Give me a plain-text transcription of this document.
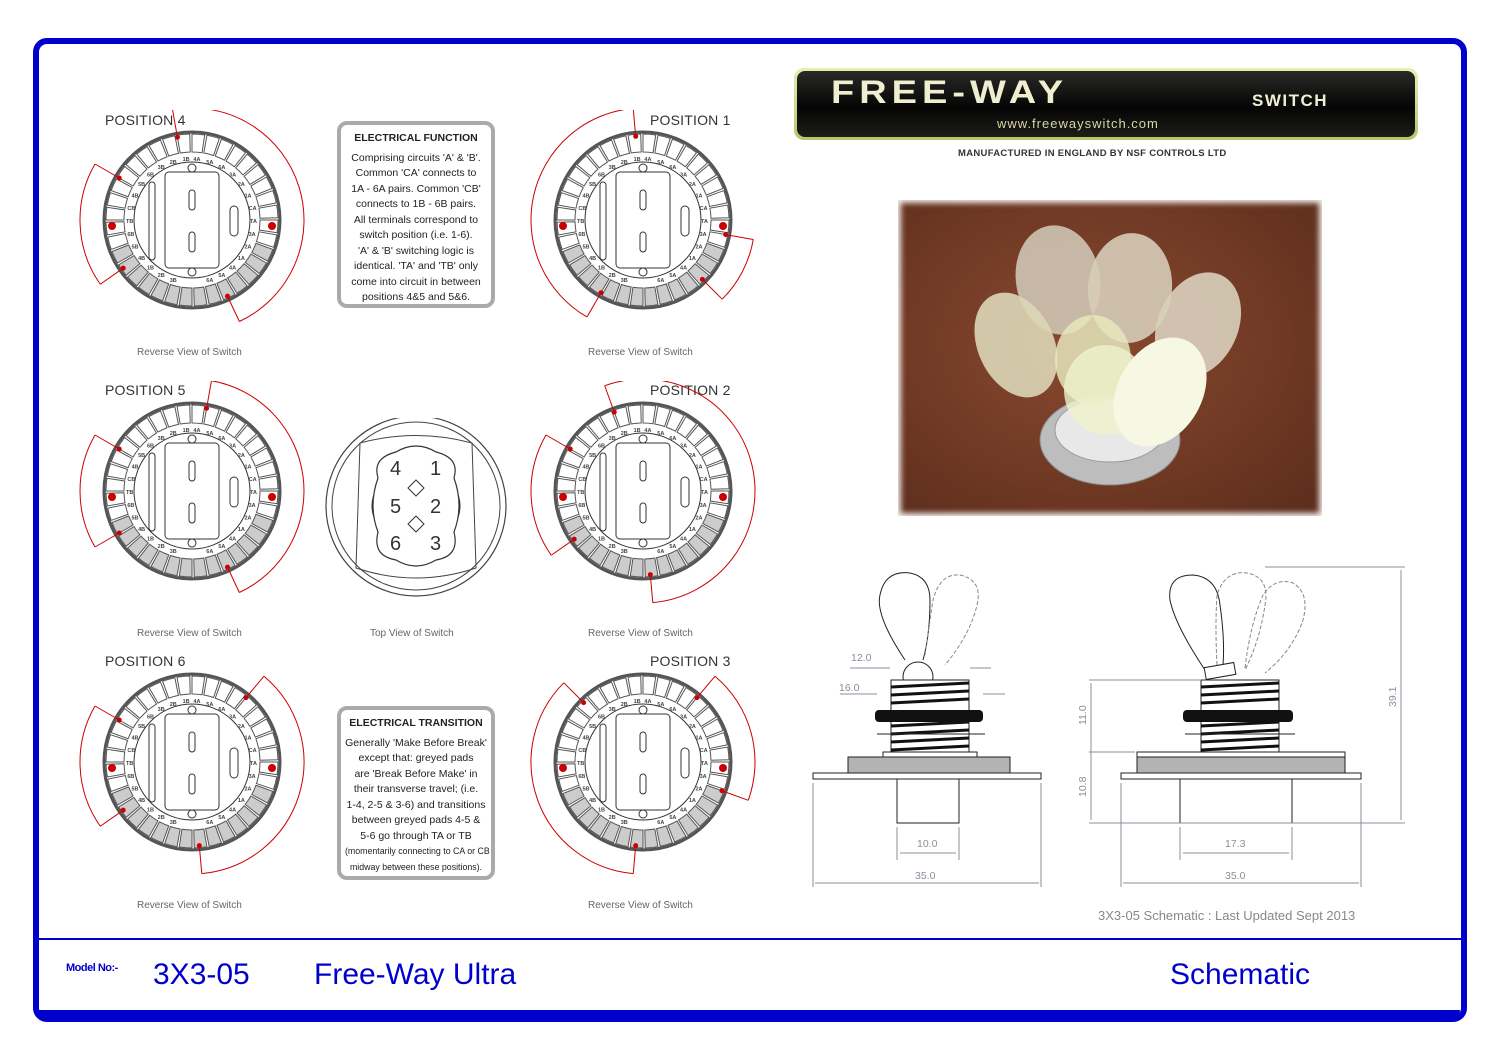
POSITION 4	POSITION 1
POSITION 5	POSITION 2
POSITION 6	POSITION 3
4A
1B	5A
2B
6A
3B
3A
6B
2A
5B
1A
4B
CA
CB
TA
TB
3A
6B
2A
5B
1A
4B
4A
1B
5A
2B
6A
3B
4A
1B	5A
2B
6A
3B
3A
6B
2A
5B
1A
4B
CA
CB
TA
TB
3A
6B
2A
5B
1A
4B
4A
1B
5A
2B
6A
3B
4A
1B	5A
2B
6A
3B
3A
6B
2A
5B
1A
4B
CA
CB
TA
TB
3A
6B
2A
5B
1A
4B
4A
1B
5A
2B
6A
3B
4A
1B	5A
2B
6A
3B
3A
6B
2A
5B
1A
4B
CA
CB
TA
TB
3A
6B
2A
5B
1A
4B
4A
1B
5A
2B
6A
3B
4A
1B	5A
2B
6A
3B
3A
6B
2A
5B
1A
4B
CA
CB
TA
TB
3A
6B
2A
5B
1A
4B
4A
1B
5A
2B
6A
3B
4A
1B	5A
2B
6A
3B
3A
6B
2A
5B
1A
4B
CA
CB
TA
TB
3A
6B
2A
5B
1A
4B
4A
1B
5A
2B
6A
3B
Reverse View of Switch	Reverse View of Switch
Reverse View of Switch	Reverse View of Switch
Reverse View of Switch	Reverse View of Switch
Top View of Switch
ELECTRICAL FUNCTION
Comprising circuits 'A' & 'B'.
Common 'CA' connects to
1A - 6A pairs. Common 'CB'
connects to 1B - 6B pairs.
All terminals correspond to
switch position (i.e. 1-6).
'A' & 'B' switching logic is
identical. 'TA' and 'TB' only
come into circuit in between
positions 4&5 and 5&6.
ELECTRICAL TRANSITION
Generally 'Make Before Break'
except that: greyed pads
are 'Break Before Make' in
their transverse travel; (i.e.
1-4, 2-5 & 3-6) and transitions
between greyed pads 4-5 &
5-6 go through TA or TB
(momentarily connecting to CA or CB
midway between these positions).
4 1
5 2
6 3
FREE-WAY	SWITCH
www.freewayswitch.com
MANUFACTURED IN ENGLAND BY NSF CONTROLS LTD
12.0
16.0
10.0
35.0
11.0
10.8
39.1
17.3
35.0
3X3-05 Schematic : Last Updated Sept 2013
Model No:- 3X3-05 Free-Way Ultra	Schematic
